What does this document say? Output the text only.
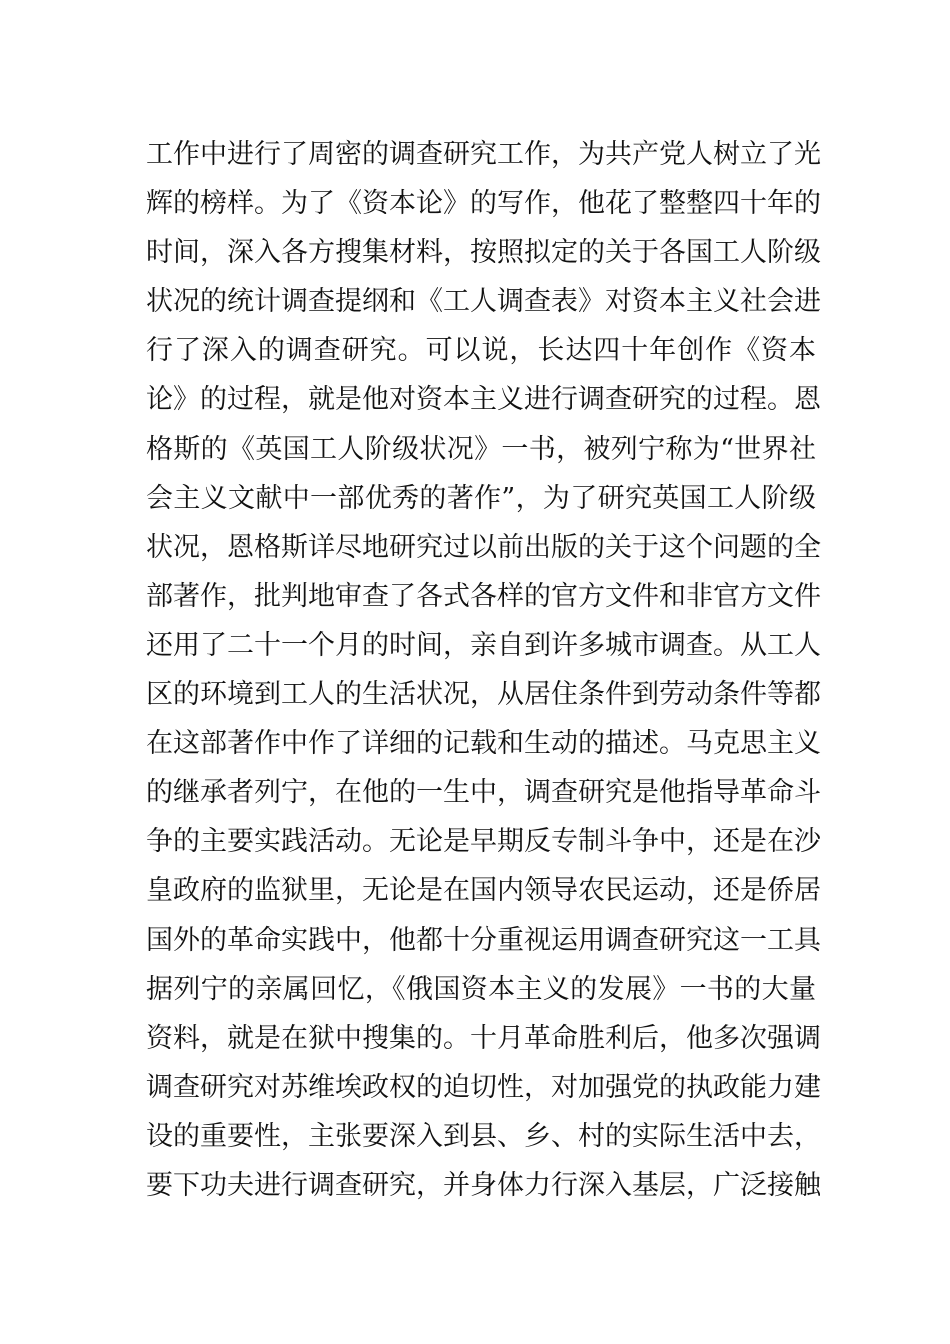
工作中进行了周密的调查研究工作，为共产党人树立了光
辉的榜样。为了《资本论》的写作，他花了整整四十年的
时间，深入各方搜集材料，按照拟定的关于各国工人阶级
状况的统计调查提纲和《工人调查表》对资本主义社会进
行了深入的调查研究。可以说，长达四十年创作《资本
论》的过程，就是他对资本主义进行调查研究的过程。恩
格斯的《英国工人阶级状况》一书，被列宁称为“世界社
会主义文献中一部优秀的著作”，为了研究英国工人阶级
状况，恩格斯详尽地研究过以前出版的关于这个问题的全
部著作，批判地审查了各式各样的官方文件和非官方文件
还用了二十一个月的时间，亲自到许多城市调查。从工人
区的环境到工人的生活状况，从居住条件到劳动条件等都
在这部著作中作了详细的记载和生动的描述。马克思主义
的继承者列宁，在他的一生中，调查研究是他指导革命斗
争的主要实践活动。无论是早期反专制斗争中，还是在沙
皇政府的监狱里，无论是在国内领导农民运动，还是侨居
国外的革命实践中，他都十分重视运用调查研究这一工具
据列宁的亲属回忆，《俄国资本主义的发展》一书的大量
资料，就是在狱中搜集的。十月革命胜利后，他多次强调
调查研究对苏维埃政权的迫切性，对加强党的执政能力建
设的重要性，主张要深入到县、乡、村的实际生活中去，
要下功夫进行调查研究，并身体力行深入基层，广泛接触
